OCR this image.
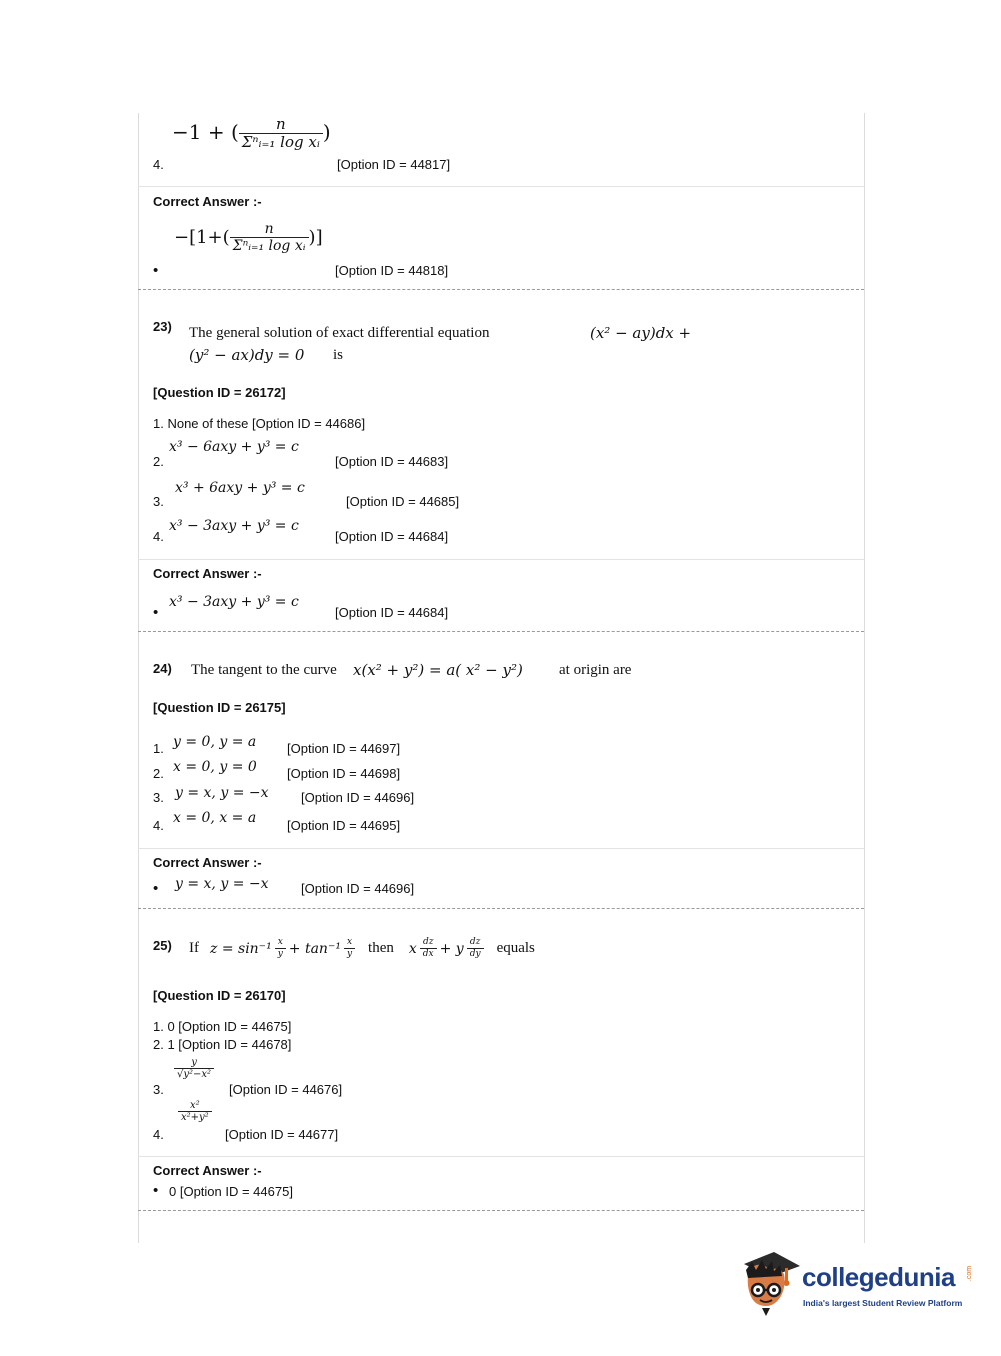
4.
−1 + ( $\frac{n}{\text{Σⁿᵢ₌₁ log xᵢ}}$ )
[Option ID = 44817]
Correct Answer :-
•
$-[1+( \frac{n}{\text{Σⁿᵢ₌₁ log xᵢ}}$ )]
[Option ID = 44818]
23) The general solution of exact differential equation	(x² − ay)dx +
(y² − ax)dy = 0 is
[Question ID = 26172]
1. None of these [Option ID = 44686]
2.
x³ − 6axy + y³ = c
[Option ID = 44683]
3.
x³ + 6axy + y³ = c
[Option ID = 44685]
4.
x³ − 3axy + y³ = c
[Option ID = 44684]
Correct Answer :-
•
x³ − 3axy + y³ = c
[Option ID = 44684]
24) The tangent to the curve x(x² + y²) = a( x² − y²) at origin are
[Question ID = 26175]
1. y = 0, y = a [Option ID = 44697]
2. x = 0, y = 0 [Option ID = 44698]
3. y = x, y = −x [Option ID = 44696]
4. x = 0, x = a [Option ID = 44695]
Correct Answer :-
• y = x, y = −x [Option ID = 44696]
25) If $z = \sin^{-1} \frac{x}{y} + \tan^{-1} \frac{x}{y}$ then x $\frac{dz}{dx} + y \frac{dz}{dy}$ equals
[Question ID = 26170]
1. 0 [Option ID = 44675]
2. 1 [Option ID = 44678]
3.
$\frac{y}{\text{√y²−x²}}$
[Option ID = 44676]
4.
$\frac{\text{x²}}{\text{x²+y²}}$
[Option ID = 44677]
Correct Answer :-
• 0 [Option ID = 44675]
collegedunia .com
India's largest Student Review Platform
